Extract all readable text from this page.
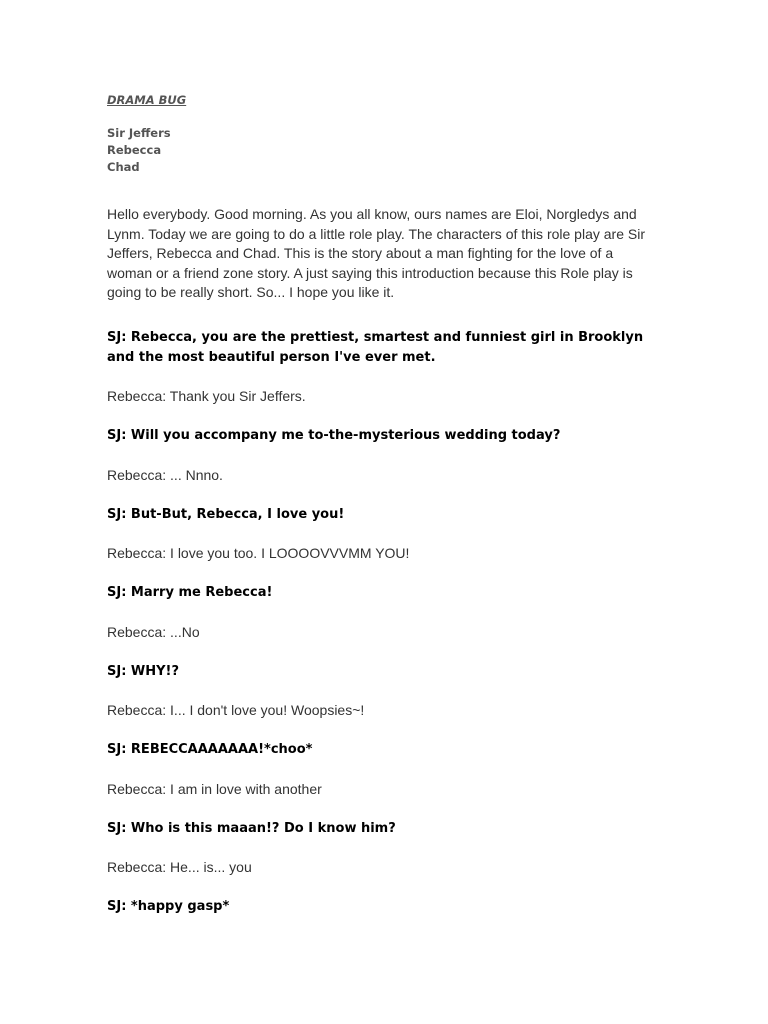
DRAMA BUG
Sir Jeffers
Rebecca
Chad

Hello everybody. Good morning. As you all know, ours names are Eloi, Norgledys and Lynm. Today we are going to do a little role play. The characters of this role play are Sir Jeffers, Rebecca and Chad. This is the story about a man fighting for the love of a woman or a friend zone story. A just saying this introduction because this Role play is going to be really short. So... I hope you like it.

SJ: Rebecca, you are the prettiest, smartest and funniest girl in Brooklyn and the most beautiful person I've ever met.

Rebecca: Thank you Sir Jeffers.

SJ: Will you accompany me to-the-mysterious wedding today?

Rebecca: ... Nnno.

SJ: But-But, Rebecca, I love you!

Rebecca: I love you too. I LOOOOVVVMM YOU!

SJ: Marry me Rebecca!

Rebecca: ...No

SJ: WHY!?

Rebecca: I... I don't love you! Woopsies~!

SJ: REBECCAAAAAAA!*choo*

Rebecca: I am in love with another

SJ: Who is this maaan!? Do I know him?

Rebecca: He... is... you

SJ: *happy gasp*
